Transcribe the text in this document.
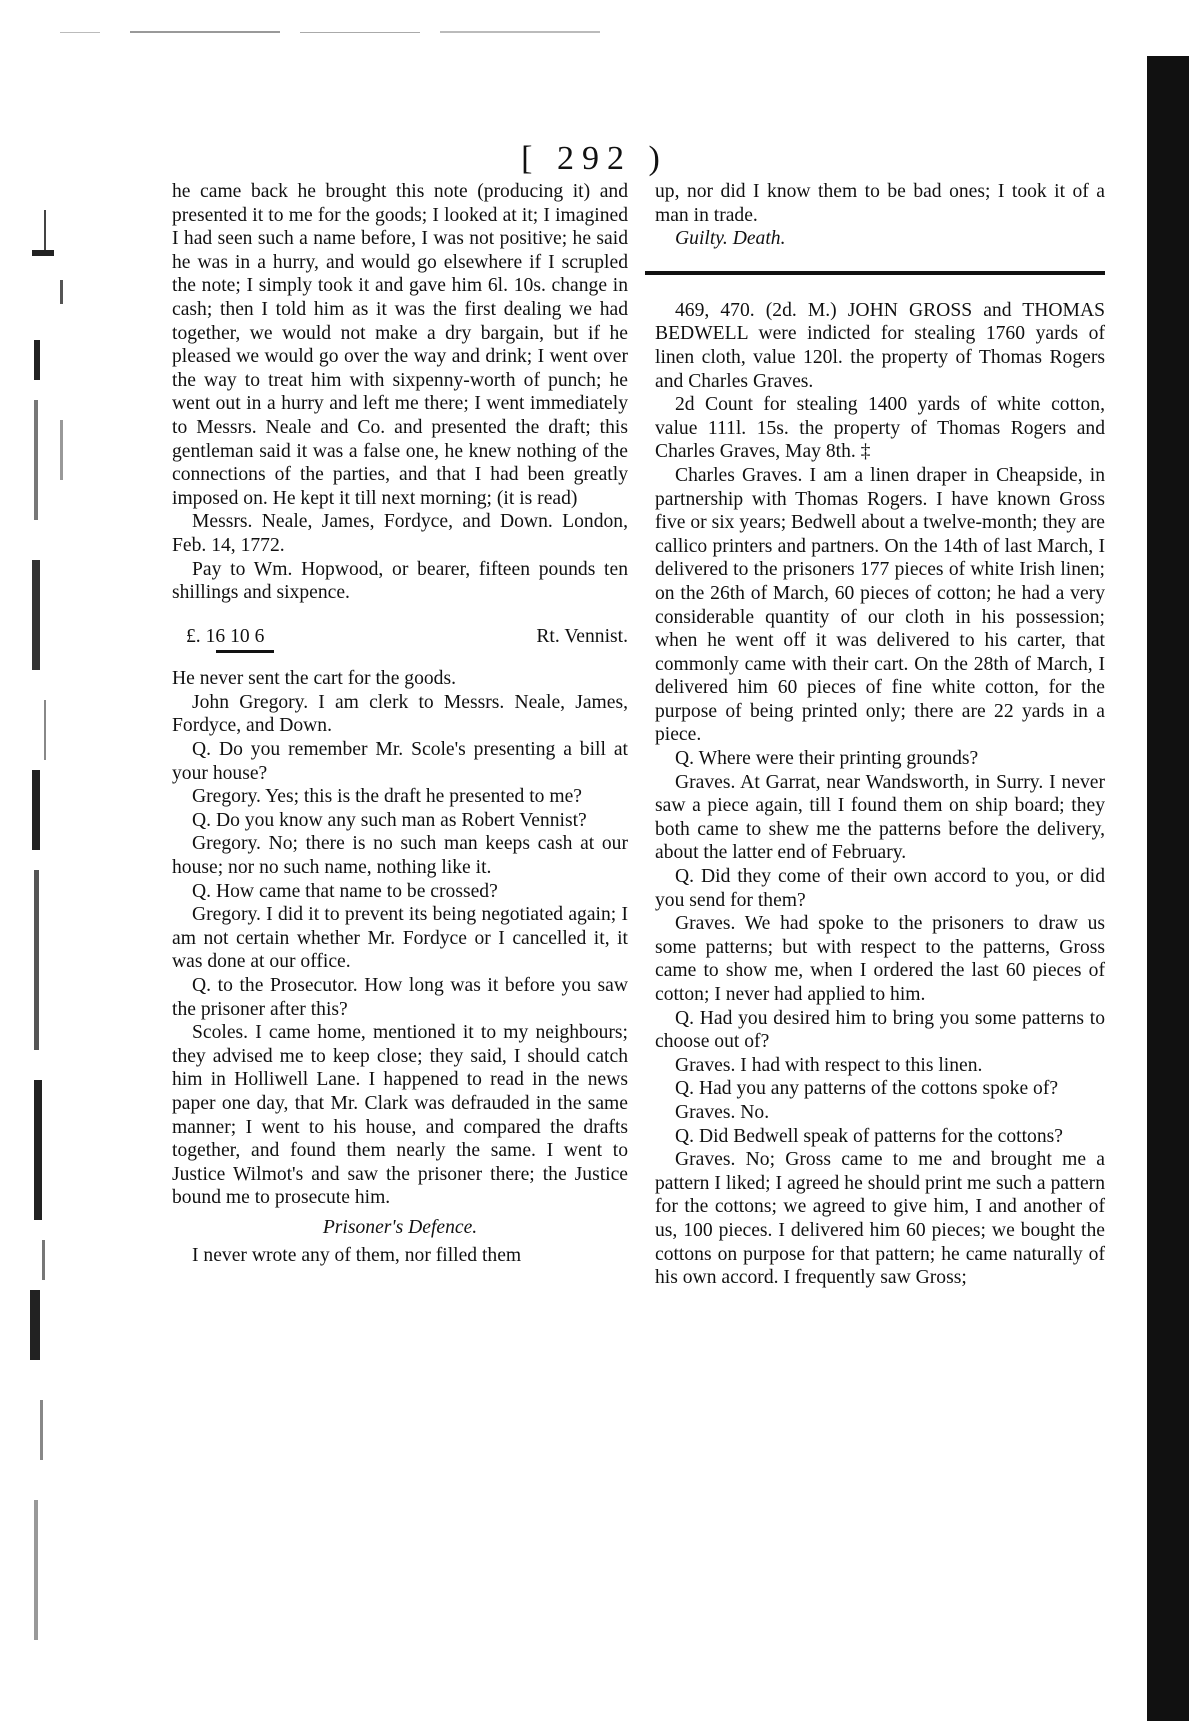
[ 292 )

he came back he brought this note (producing it) and presented it to me for the goods; I looked at it; I imagined I had seen such a name before, I was not positive; he said he was in a hurry, and would go elsewhere if I scrupled the note; I simply took it and gave him 6l. 10s. change in cash; then I told him as it was the first dealing we had together, we would not make a dry bargain, but if he pleased we would go over the way and drink; I went over the way to treat him with sixpenny-worth of punch; he went out in a hurry and left me there; I went immediately to Messrs. Neale and Co. and presented the draft; this gentleman said it was a false one, he knew nothing of the connections of the parties, and that I had been greatly imposed on. He kept it till next morning; (it is read)

Messrs. Neale, James, Fordyce, and Down. London, Feb. 14, 1772.

Pay to Wm. Hopwood, or bearer, fifteen pounds ten shillings and sixpence.

£. 16 10 6	Rt. Vennist.

He never sent the cart for the goods.

John Gregory. I am clerk to Messrs. Neale, James, Fordyce, and Down.

Q. Do you remember Mr. Scole's presenting a bill at your house?

Gregory. Yes; this is the draft he presented to me?

Q. Do you know any such man as Robert Vennist?

Gregory. No; there is no such man keeps cash at our house; nor no such name, nothing like it.

Q. How came that name to be crossed?

Gregory. I did it to prevent its being negotiated again; I am not certain whether Mr. Fordyce or I cancelled it, it was done at our office.

Q. to the Prosecutor. How long was it before you saw the prisoner after this?

Scoles. I came home, mentioned it to my neighbours; they advised me to keep close; they said, I should catch him in Holliwell Lane. I happened to read in the news paper one day, that Mr. Clark was defrauded in the same manner; I went to his house, and compared the drafts together, and found them nearly the same. I went to Justice Wilmot's and saw the prisoner there; the Justice bound me to prosecute him.

Prisoner's Defence.

I never wrote any of them, nor filled them

up, nor did I know them to be bad ones; I took it of a man in trade.

Guilty. Death.

469, 470. (2d. M.) JOHN GROSS and THOMAS BEDWELL were indicted for stealing 1760 yards of linen cloth, value 120l. the property of Thomas Rogers and Charles Graves.

2d Count for stealing 1400 yards of white cotton, value 111l. 15s. the property of Thomas Rogers and Charles Graves, May 8th. ‡

Charles Graves. I am a linen draper in Cheapside, in partnership with Thomas Rogers. I have known Gross five or six years; Bedwell about a twelve-month; they are callico printers and partners. On the 14th of last March, I delivered to the prisoners 177 pieces of white Irish linen; on the 26th of March, 60 pieces of cotton; he had a very considerable quantity of our cloth in his possession; when he went off it was delivered to his carter, that commonly came with their cart. On the 28th of March, I delivered him 60 pieces of fine white cotton, for the purpose of being printed only; there are 22 yards in a piece.

Q. Where were their printing grounds?

Graves. At Garrat, near Wandsworth, in Surry. I never saw a piece again, till I found them on ship board; they both came to shew me the patterns before the delivery, about the latter end of February.

Q. Did they come of their own accord to you, or did you send for them?

Graves. We had spoke to the prisoners to draw us some patterns; but with respect to the patterns, Gross came to show me, when I ordered the last 60 pieces of cotton; I never had applied to him.

Q. Had you desired him to bring you some patterns to choose out of?

Graves. I had with respect to this linen.

Q. Had you any patterns of the cottons spoke of?

Graves. No.

Q. Did Bedwell speak of patterns for the cottons?

Graves. No; Gross came to me and brought me a pattern I liked; I agreed he should print me such a pattern for the cottons; we agreed to give him, I and another of us, 100 pieces. I delivered him 60 pieces; we bought the cottons on purpose for that pattern; he came naturally of his own accord. I frequently saw Gross;
